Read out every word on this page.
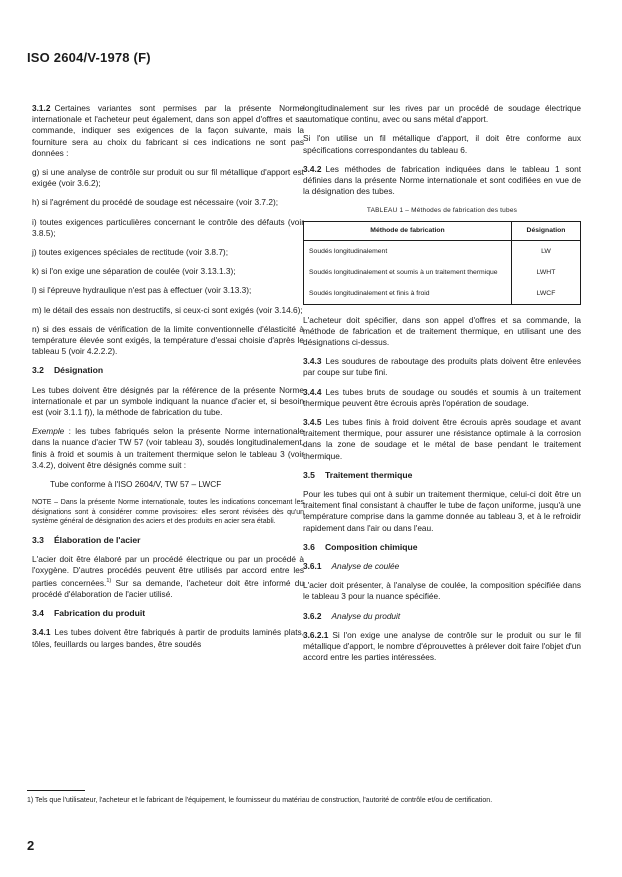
ISO 2604/V-1978 (F)

3.1.2 Certaines variantes sont permises par la présente Norme internationale et l'acheteur peut également, dans son appel d'offres et sa commande, indiquer ses exigences de la façon suivante, mais la fourniture sera au choix du fabricant si ces indications ne sont pas données :

g) si une analyse de contrôle sur produit ou sur fil métallique d'apport est exigée (voir 3.6.2);

h) si l'agrément du procédé de soudage est nécessaire (voir 3.7.2);

i) toutes exigences particulières concernant le contrôle des défauts (voir 3.8.5);

j) toutes exigences spéciales de rectitude (voir 3.8.7);

k) si l'on exige une séparation de coulée (voir 3.13.1.3);

l) si l'épreuve hydraulique n'est pas à effectuer (voir 3.13.3);

m) le détail des essais non destructifs, si ceux-ci sont exigés (voir 3.14.6);

n) si des essais de vérification de la limite conventionnelle d'élasticité à température élevée sont exigés, la température d'essai choisie d'après le tableau 5 (voir 4.2.2.2).

3.2 Désignation

Les tubes doivent être désignés par la référence de la présente Norme internationale et par un symbole indiquant la nuance d'acier et, si besoin est (voir 3.1.1 f)), la méthode de fabrication du tube.

Exemple : les tubes fabriqués selon la présente Norme internationale dans la nuance d'acier TW 57 (voir tableau 3), soudés longitudinalement, finis à froid et soumis à un traitement thermique selon le tableau 3 (voir 3.4.2), doivent être désignés comme suit :

Tube conforme à l'ISO 2604/V, TW 57 – LWCF

NOTE – Dans la présente Norme internationale, toutes les indications concernant les désignations sont à considérer comme provisoires: elles seront révisées dès qu'un système général de désignation des aciers et des produits en acier sera établi.

3.3 Élaboration de l'acier

L'acier doit être élaboré par un procédé électrique ou par un procédé à l'oxygène. D'autres procédés peuvent être utilisés par accord entre les parties concernées.$^{1)}$ Sur sa demande, l'acheteur doit être informé du procédé d'élaboration de l'acier utilisé.

3.4 Fabrication du produit

3.4.1 Les tubes doivent être fabriqués à partir de produits laminés plats, tôles, feuillards ou larges bandes, être soudés

longitudinalement sur les rives par un procédé de soudage électrique automatique continu, avec ou sans métal d'apport.

Si l'on utilise un fil métallique d'apport, il doit être conforme aux spécifications correspondantes du tableau 6.

3.4.2 Les méthodes de fabrication indiquées dans le tableau 1 sont définies dans la présente Norme internationale et sont codifiées en vue de la désignation des tubes.

TABLEAU 1 – Méthodes de fabrication des tubes
Méthode de fabrication	Désignation
Soudés longitudinalement	LW
Soudés longitudinalement et soumis à un traitement thermique	LWHT
Soudés longitudinalement et finis à froid	LWCF

L'acheteur doit spécifier, dans son appel d'offres et sa commande, la méthode de fabrication et de traitement thermique, en utilisant une des désignations ci-dessus.

3.4.3 Les soudures de raboutage des produits plats doivent être enlevées par coupe sur tube fini.

3.4.4 Les tubes bruts de soudage ou soudés et soumis à un traitement thermique peuvent être écrouis après l'opération de soudage.

3.4.5 Les tubes finis à froid doivent être écrouis après soudage et avant traitement thermique, pour assurer une résistance optimale à la corrosion dans la zone de soudage et le métal de base pendant le traitement thermique.

3.5 Traitement thermique

Pour les tubes qui ont à subir un traitement thermique, celui-ci doit être un traitement final consistant à chauffer le tube de façon uniforme, jusqu'à une température comprise dans la gamme donnée au tableau 3, et à le refroidir rapidement dans l'air ou dans l'eau.

3.6 Composition chimique
3.6.1 Analyse de coulée

L'acier doit présenter, à l'analyse de coulée, la composition spécifiée dans le tableau 3 pour la nuance spécifiée.

3.6.2 Analyse du produit

3.6.2.1 Si l'on exige une analyse de contrôle sur le produit ou sur le fil métallique d'apport, le nombre d'éprouvettes à prélever doit faire l'objet d'un accord entre les parties intéressées.

1) Tels que l'utilisateur, l'acheteur et le fabricant de l'équipement, le fournisseur du matériau de construction, l'autorité de contrôle et/ou de certification.
2
